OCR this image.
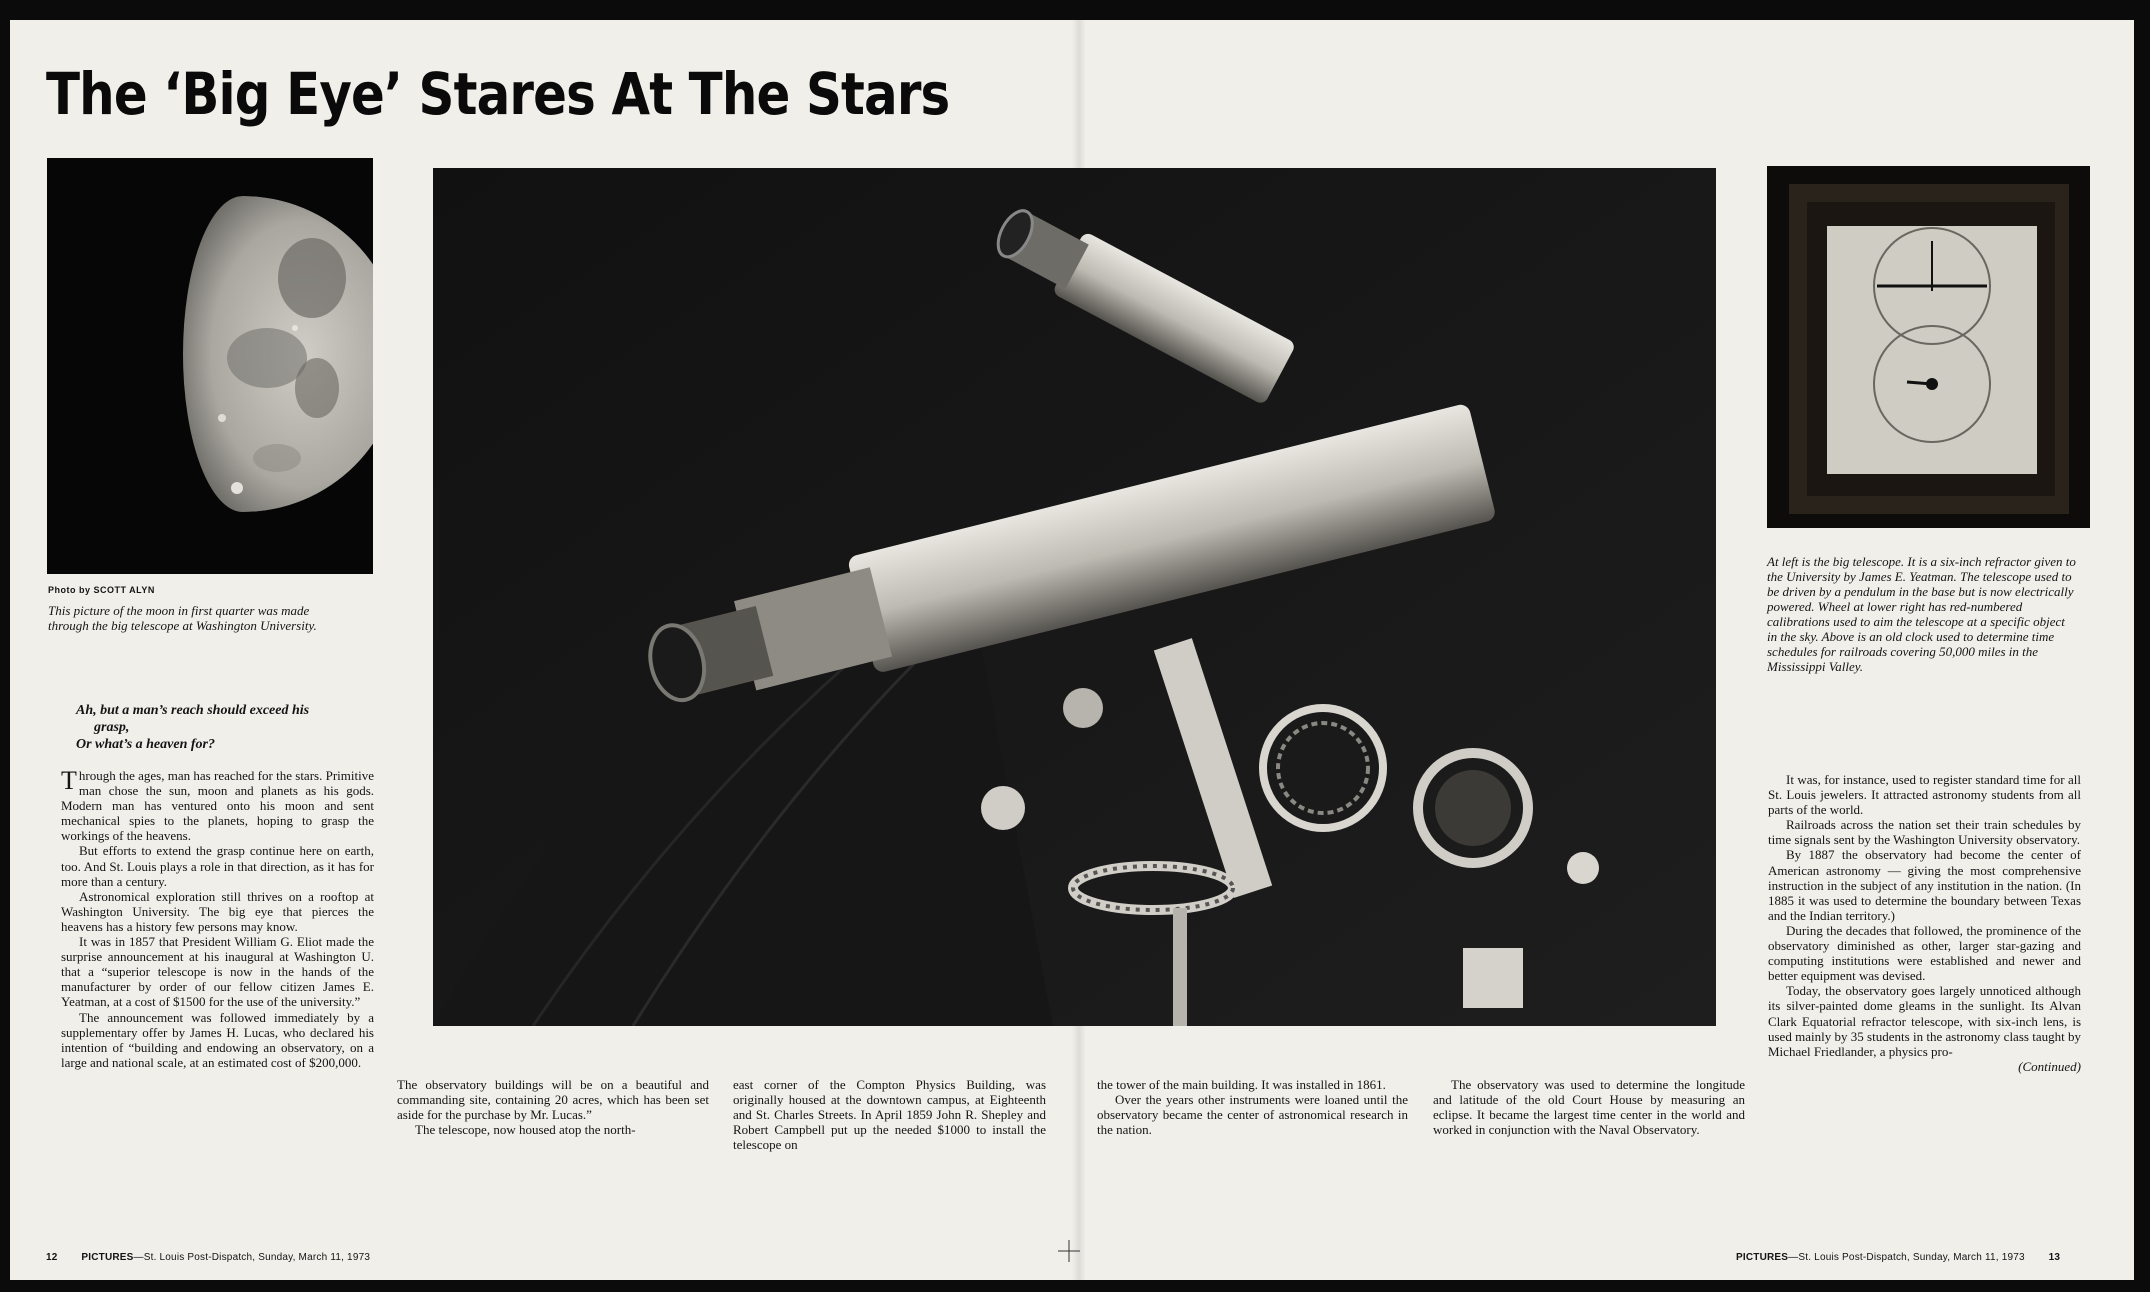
The ‘Big Eye’ Stares At The Stars
Photo by SCOTT ALYN
This picture of the moon in first quarter was made through the big telescope at Washington University.
Ah, but a man’s reach should exceed his
grasp,
Or what’s a heaven for?

Through the ages, man has reached for the stars. Primitive man chose the sun, moon and planets as his gods. Modern man has ventured onto his moon and sent mechanical spies to the planets, hoping to grasp the workings of the heavens.

But efforts to extend the grasp continue here on earth, too. And St. Louis plays a role in that direction, as it has for more than a century.

Astronomical exploration still thrives on a rooftop at Washington University. The big eye that pierces the heavens has a history few persons may know.

It was in 1857 that President William G. Eliot made the surprise announcement at his inaugural at Washington U. that a “superior telescope is now in the hands of the manufacturer by order of our fellow citizen James E. Yeatman, at a cost of $1500 for the use of the university.”

The announcement was followed immediately by a supplementary offer by James H. Lucas, who declared his intention of “building and endowing an observatory, on a large and national scale, at an estimated cost of $200,000.

At left is the big telescope. It is a six-inch refractor given to the University by James E. Yeatman. The telescope used to be driven by a pendulum in the base but is now electrically powered. Wheel at lower right has red-numbered calibrations used to aim the telescope at a specific object in the sky. Above is an old clock used to determine time schedules for railroads covering 50,000 miles in the Mississippi Valley.

The observatory buildings will be on a beautiful and commanding site, containing 20 acres, which has been set aside for the purchase by Mr. Lucas.”

The telescope, now housed atop the north-

east corner of the Compton Physics Building, was originally housed at the downtown campus, at Eighteenth and St. Charles Streets. In April 1859 John R. Shepley and Robert Campbell put up the needed $1000 to install the telescope on

the tower of the main building. It was installed in 1861.

Over the years other instruments were loaned until the observatory became the center of astronomical research in the nation.

The observatory was used to determine the longitude and latitude of the old Court House by measuring an eclipse. It became the largest time center in the world and worked in conjunction with the Naval Observatory.

It was, for instance, used to register standard time for all St. Louis jewelers. It attracted astronomy students from all parts of the world.

Railroads across the nation set their train schedules by time signals sent by the Washington University observatory.

By 1887 the observatory had become the center of American astronomy — giving the most comprehensive instruction in the subject of any institution in the nation. (In 1885 it was used to determine the boundary between Texas and the Indian territory.)

During the decades that followed, the prominence of the observatory diminished as other, larger star-gazing and computing institutions were established and newer and better equipment was devised.

Today, the observatory goes largely unnoticed although its silver-painted dome gleams in the sunlight. Its Alvan Clark Equatorial refractor telescope, with six-inch lens, is used mainly by 35 students in the astronomy class taught by Michael Friedlander, a physics pro-

(Continued)

12 PICTURES—St. Louis Post-Dispatch, Sunday, March 11, 1973	PICTURES—St. Louis Post-Dispatch, Sunday, March 11, 1973 13
